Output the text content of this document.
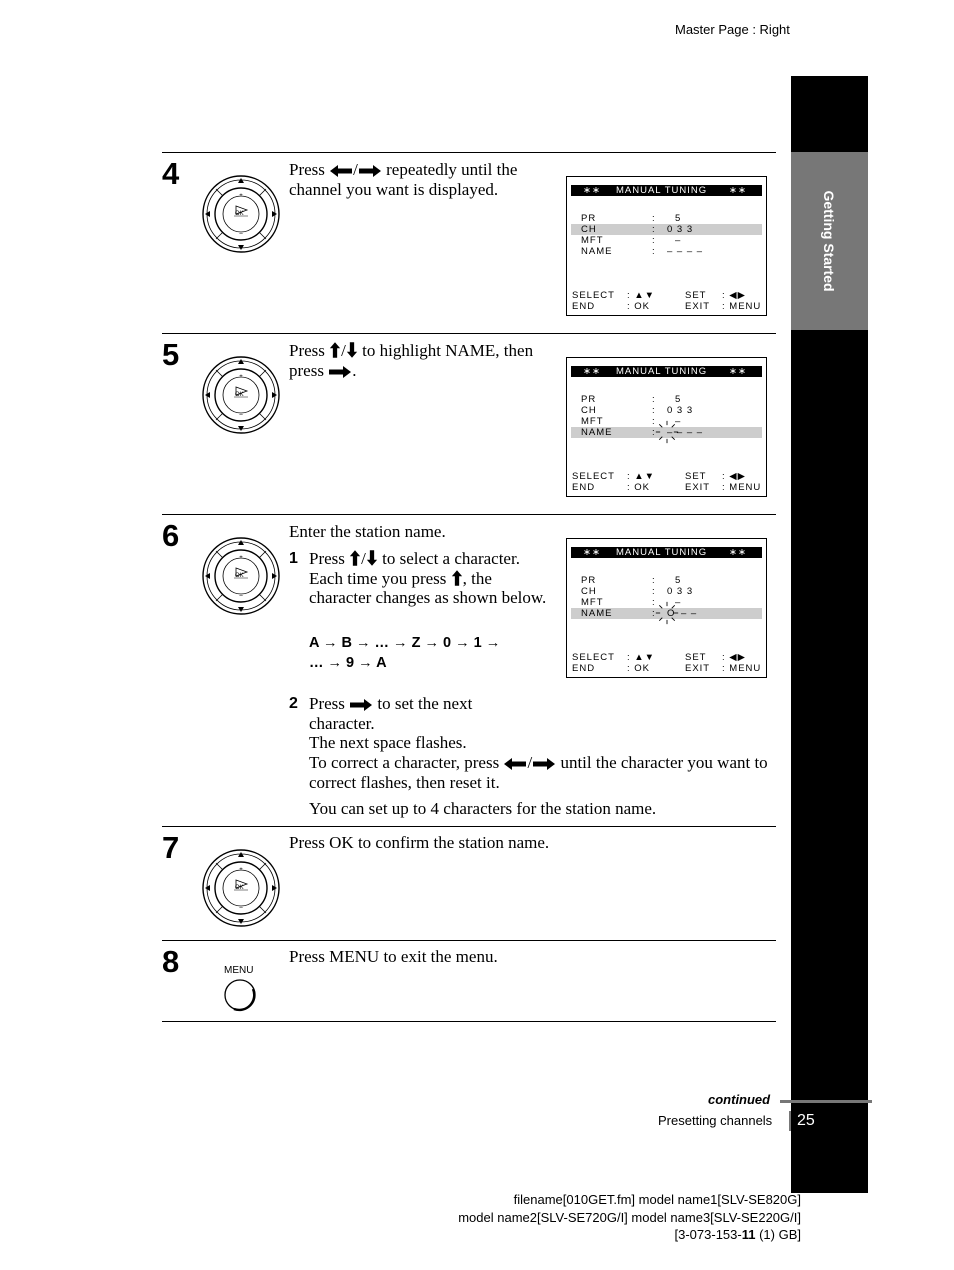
Master Page : Right
Getting Started
4
OK
Press / repeatedly until the channel you want is displayed.	∗∗ MANUAL TUNING ∗∗
PR	: 5
CH	: 0 3 3
MFT	: –
NAME	: – – – –
SELECT : ▲▼	SET : ◀▶
END	: OK	EXIT : MENU
5
OK
Press / to highlight NAME, then press .	∗∗ MANUAL TUNING ∗∗
PR	: 5
CH	: 0 3 3
MFT	: –
NAME	: – – – –
SELECT : ▲▼	SET : ◀▶
END	: OK	EXIT : MENU
6
OK
Enter the station name.
1 Press / to select a character. Each time you press , the character changes as shown below.
A → B → … → Z → 0 → 1 →
… → 9 → A
2 Press  to set the next character.
The next space flashes.
To correct a character, press / until the character you want to correct flashes, then reset it.
You can set up to 4 characters for the station name.
∗∗ MANUAL TUNING ∗∗
PR	: 5
CH	: 0 3 3
MFT	: –
NAME	: O – –
SELECT : ▲▼	SET : ◀▶
END	: OK	EXIT : MENU
7
OK
Press OK to confirm the station name.
8	MENU
Press MENU to exit the menu.
continued
Presetting channels 25
filename[010GET.fm] model name1[SLV-SE820G]
model name2[SLV-SE720G/I] model name3[SLV-SE220G/I]
[3-073-153-11 (1) GB]
